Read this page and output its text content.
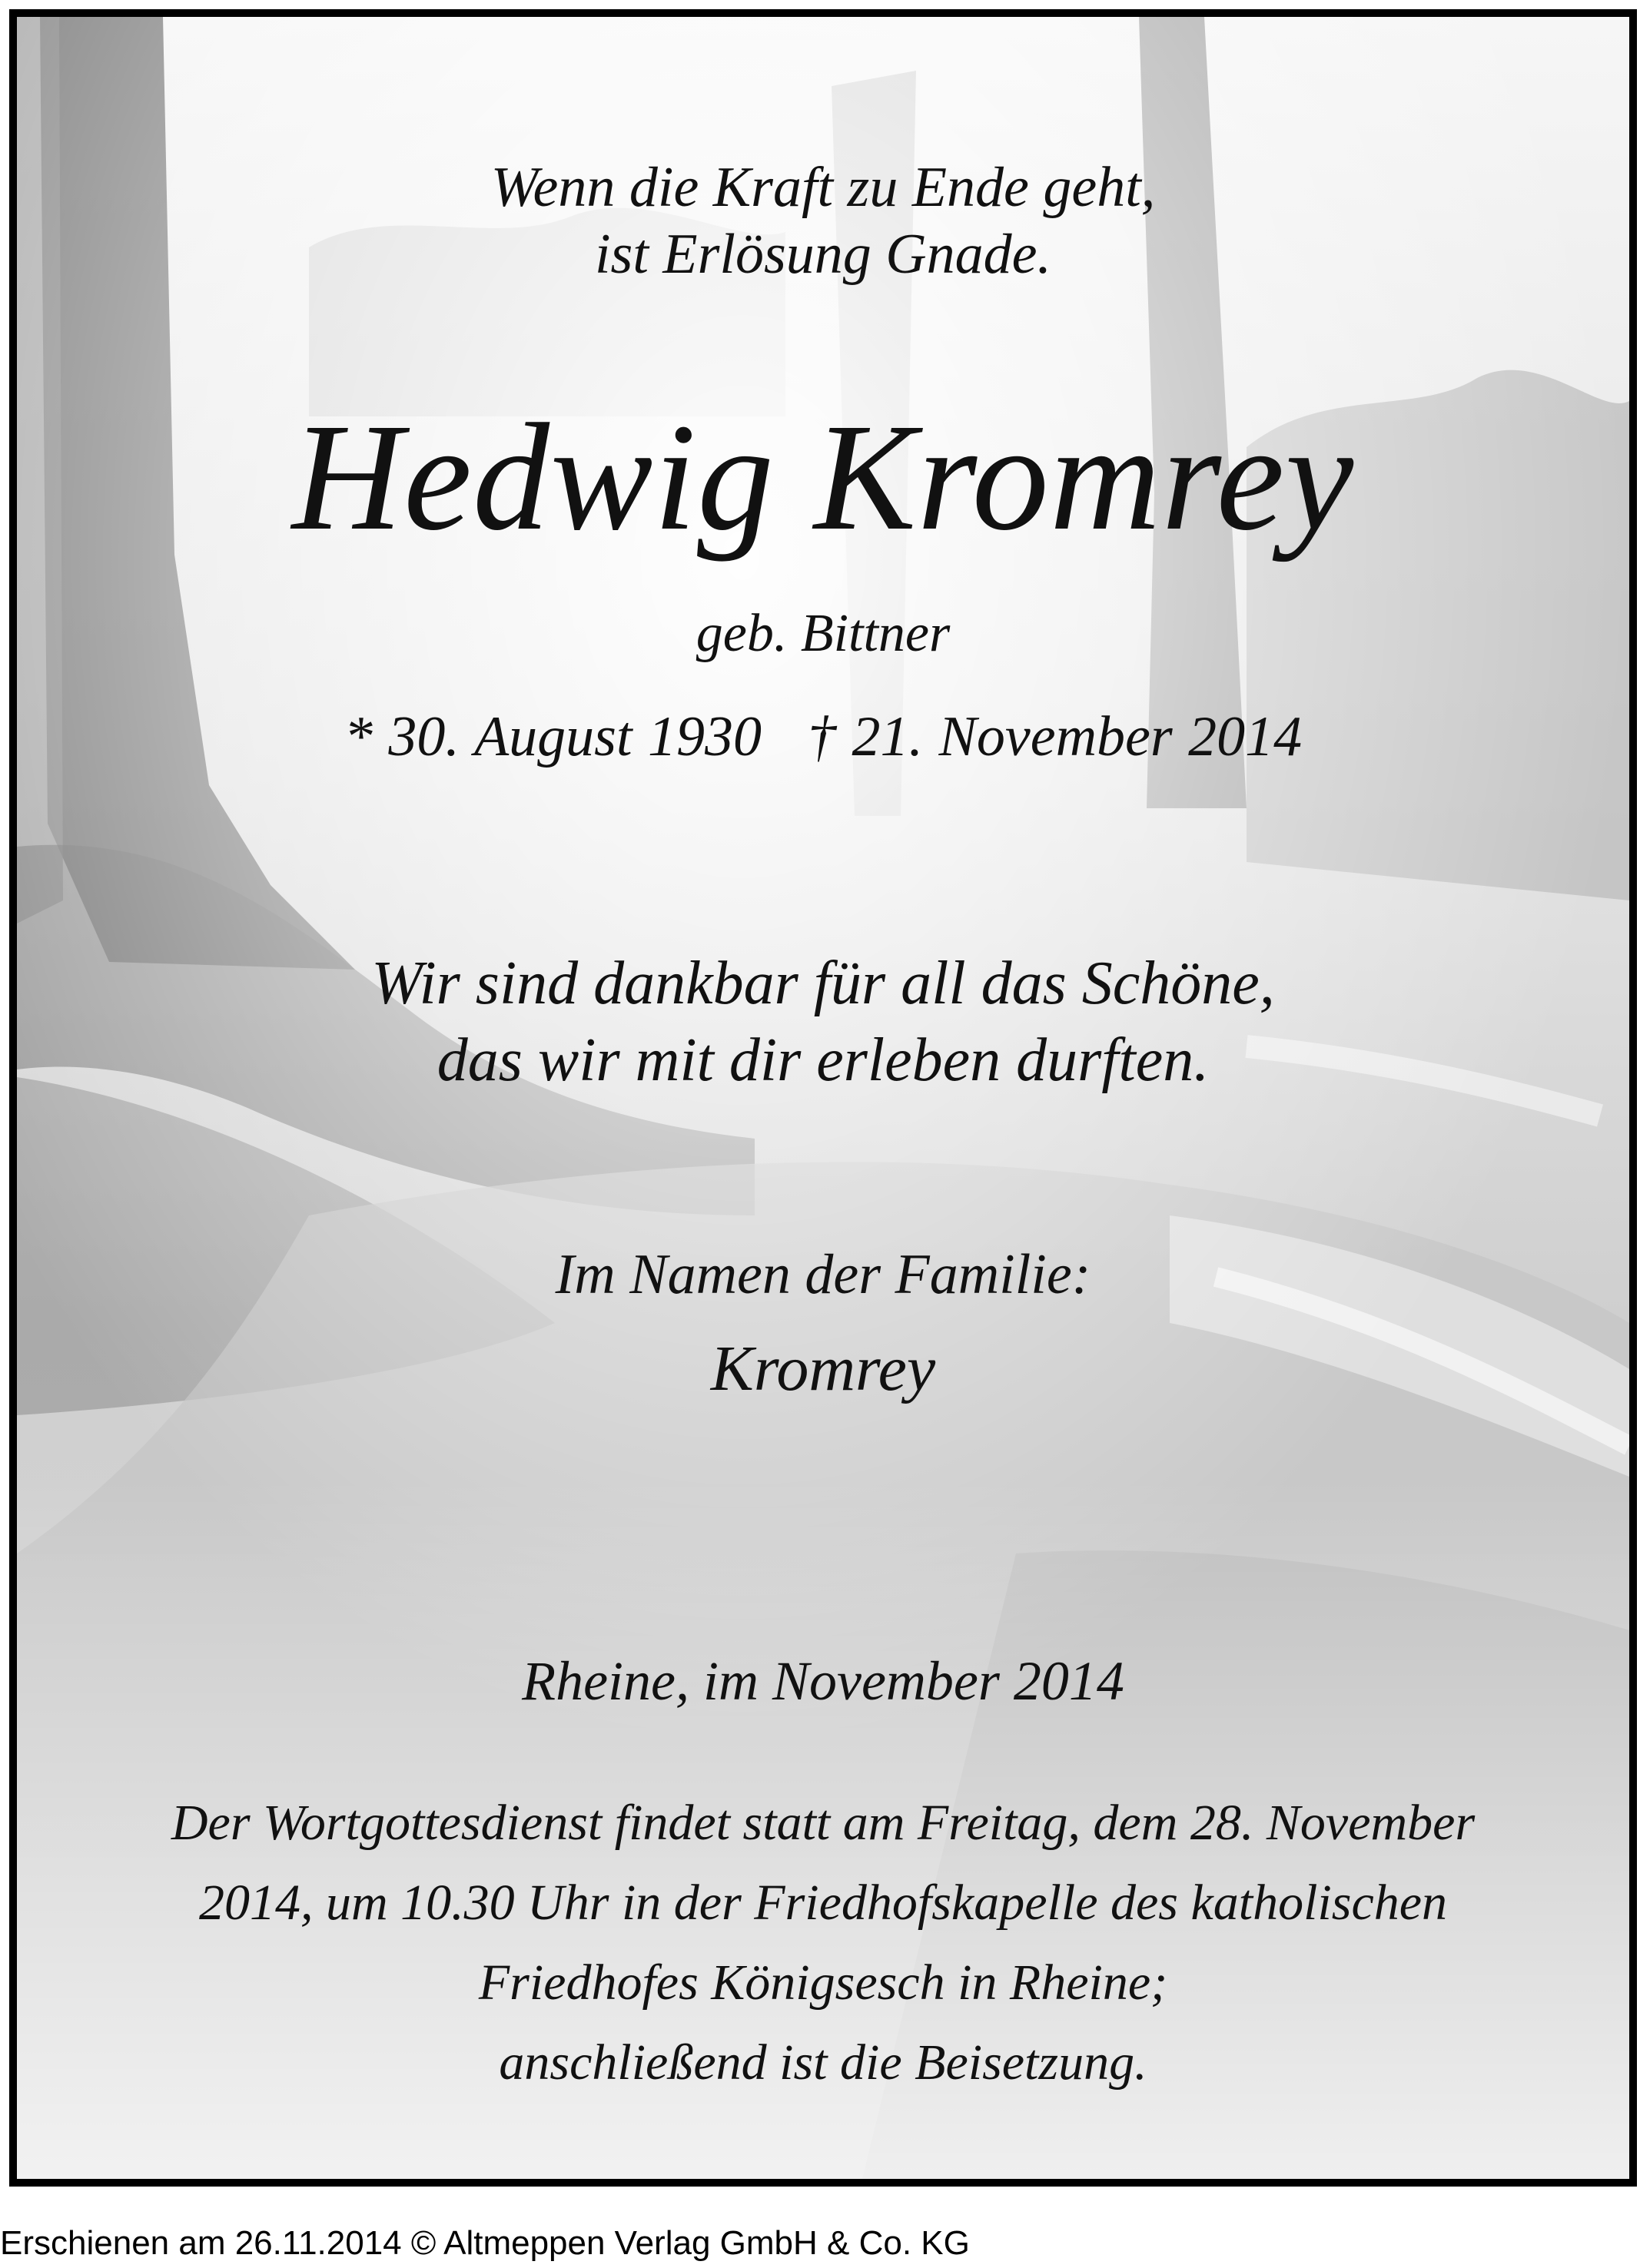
Wenn die Kraft zu Ende geht,

ist Erlösung Gnade.

Hedwig Kromrey

geb. Bittner

* 30. August 1930 † 21. November 2014

Wir sind dankbar für all das Schöne,

das wir mit dir erleben durften.

Im Namen der Familie:

Kromrey

Rheine, im November 2014

Der Wortgottesdienst findet statt am Freitag, dem 28. November

2014, um 10.30 Uhr in der Friedhofskapelle des katholischen

Friedhofes Königsesch in Rheine;

anschließend ist die Beisetzung.

Erschienen am 26.11.2014 © Altmeppen Verlag GmbH & Co. KG
